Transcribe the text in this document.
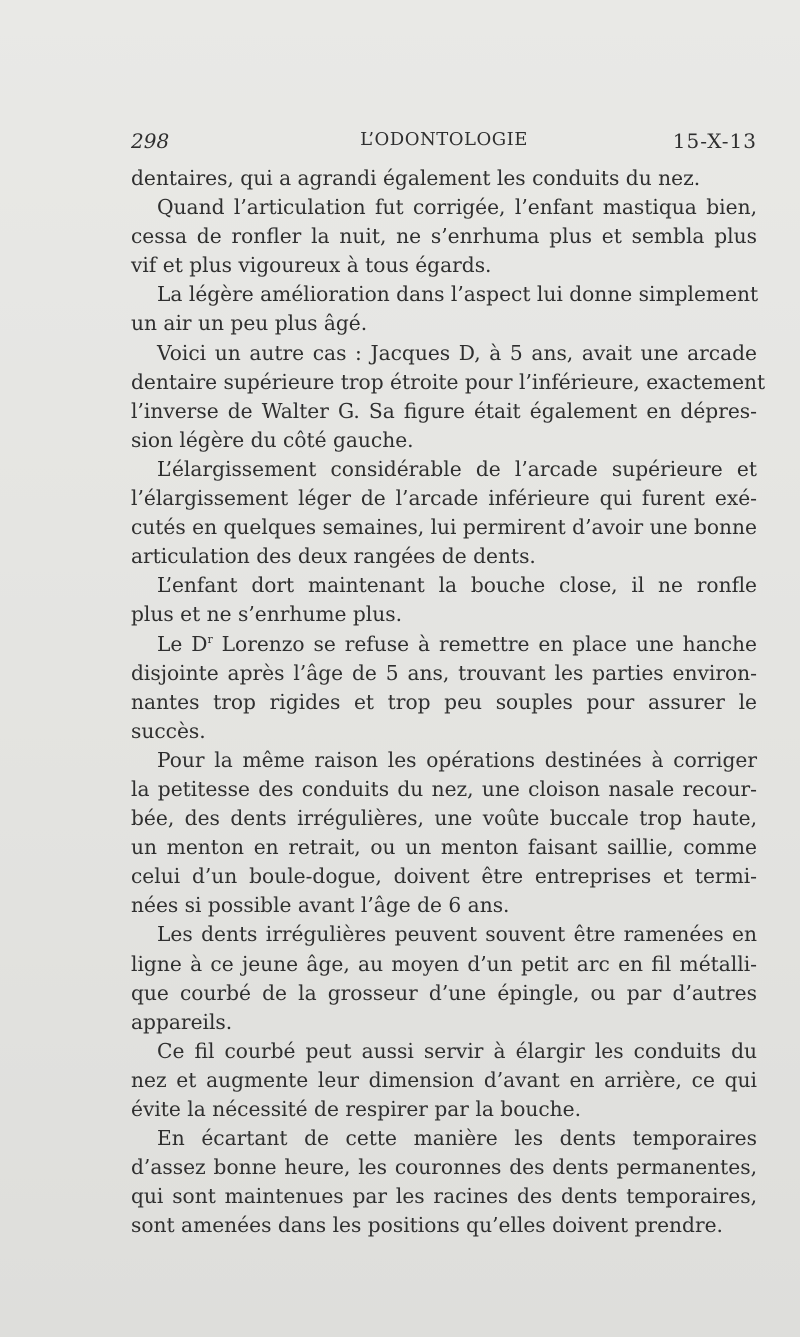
298	L’ODONTOLOGIE	15-X-13
dentaires, qui a agrandi également les conduits du nez.
Quand l’articulation fut corrigée, l’enfant mastiqua bien,
cessa de ronfler la nuit, ne s’enrhuma plus et sembla plus
vif et plus vigoureux à tous égards.
La légère amélioration dans l’aspect lui donne simplement
un air un peu plus âgé.
Voici un autre cas : Jacques D, à 5 ans, avait une arcade
dentaire supérieure trop étroite pour l’inférieure, exactement
l’inverse de Walter G. Sa figure était également en dépres-
sion légère du côté gauche.
L’élargissement considérable de l’arcade supérieure et
l’élargissement léger de l’arcade inférieure qui furent exé-
cutés en quelques semaines, lui permirent d’avoir une bonne
articulation des deux rangées de dents.
L’enfant dort maintenant la bouche close, il ne ronfle
plus et ne s’enrhume plus.
Le $D^r$ Lorenzo se refuse à remettre en place une hanche
disjointe après l’âge de 5 ans, trouvant les parties environ-
nantes trop rigides et trop peu souples pour assurer le
succès.
Pour la même raison les opérations destinées à corriger
la petitesse des conduits du nez, une cloison nasale recour-
bée, des dents irrégulières, une voûte buccale trop haute,
un menton en retrait, ou un menton faisant saillie, comme
celui d’un boule-dogue, doivent être entreprises et termi-
nées si possible avant l’âge de 6 ans.
Les dents irrégulières peuvent souvent être ramenées en
ligne à ce jeune âge, au moyen d’un petit arc en fil métalli-
que courbé de la grosseur d’une épingle, ou par d’autres
appareils.
Ce fil courbé peut aussi servir à élargir les conduits du
nez et augmente leur dimension d’avant en arrière, ce qui
évite la nécessité de respirer par la bouche.
En écartant de cette manière les dents temporaires
d’assez bonne heure, les couronnes des dents permanentes,
qui sont maintenues par les racines des dents temporaires,
sont amenées dans les positions qu’elles doivent prendre.
